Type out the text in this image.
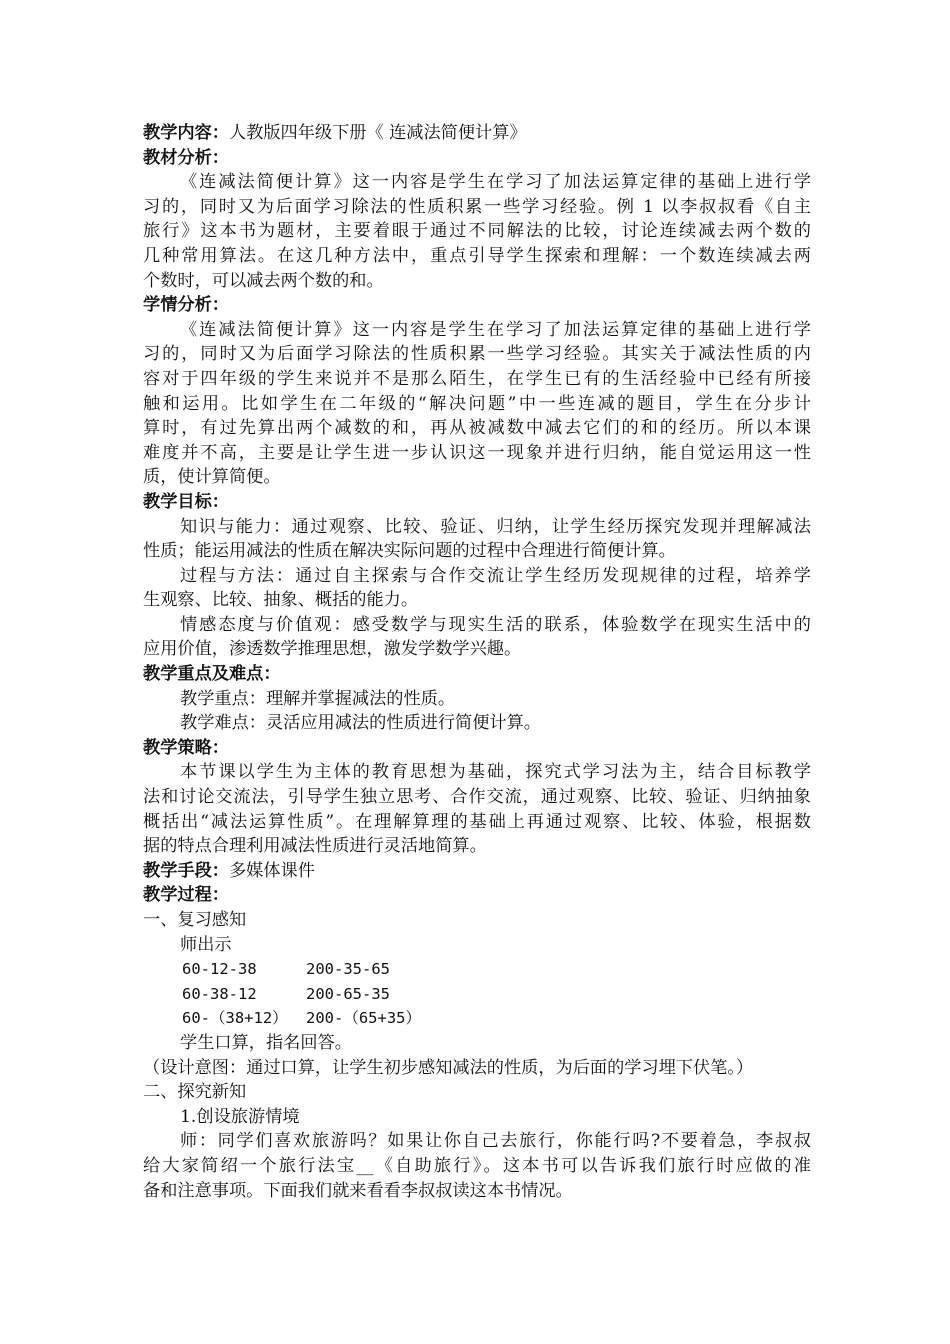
教学内容：人教版四年级下册《 连减法简便计算》
教材分析：
《连减法简便计算》这一内容是学生在学习了加法运算定律的基础上进行学
习的，同时又为后面学习除法的性质积累一些学习经验。例 1 以李叔叔看《自主
旅行》这本书为题材，主要着眼于通过不同解法的比较，讨论连续减去两个数的
几种常用算法。在这几种方法中，重点引导学生探索和理解：一个数连续减去两
个数时，可以减去两个数的和。
学情分析：
《连减法简便计算》这一内容是学生在学习了加法运算定律的基础上进行学
习的，同时又为后面学习除法的性质积累一些学习经验。其实关于减法性质的内
容对于四年级的学生来说并不是那么陌生，在学生已有的生活经验中已经有所接
触和运用。比如学生在二年级的“解决问题”中一些连减的题目，学生在分步计
算时，有过先算出两个减数的和，再从被减数中减去它们的和的经历。所以本课
难度并不高，主要是让学生进一步认识这一现象并进行归纳，能自觉运用这一性
质，使计算简便。
教学目标：
知识与能力：通过观察、比较、验证、归纳，让学生经历探究发现并理解减法
性质；能运用减法的性质在解决实际问题的过程中合理进行简便计算。
过程与方法：通过自主探索与合作交流让学生经历发现规律的过程，培养学
生观察、比较、抽象、概括的能力。
情感态度与价值观：感受数学与现实生活的联系，体验数学在现实生活中的
应用价值，渗透数学推理思想，激发学数学兴趣。
教学重点及难点：
教学重点：理解并掌握减法的性质。
教学难点：灵活应用减法的性质进行简便计算。
教学策略：
本节课以学生为主体的教育思想为基础，探究式学习法为主，结合目标教学
法和讨论交流法，引导学生独立思考、合作交流，通过观察、比较、验证、归纳抽象
概括出“减法运算性质”。在理解算理的基础上再通过观察、比较、体验，根据数
据的特点合理利用减法性质进行灵活地简算。
教学手段：多媒体课件
教学过程：
一、复习感知
师出示
60-12-38	200-35-65
60-38-12	200-65-35
60-（38+12）	200-（65+35）
学生口算，指名回答。
（设计意图：通过口算，让学生初步感知减法的性质，为后面的学习埋下伏笔。）
二、探究新知
1.创设旅游情境
师：同学们喜欢旅游吗？如果让你自己去旅行，你能行吗?不要着急，李叔叔
给大家简绍一个旅行法宝__《自助旅行》。这本书可以告诉我们旅行时应做的准
备和注意事项。下面我们就来看看李叔叔读这本书情况。
